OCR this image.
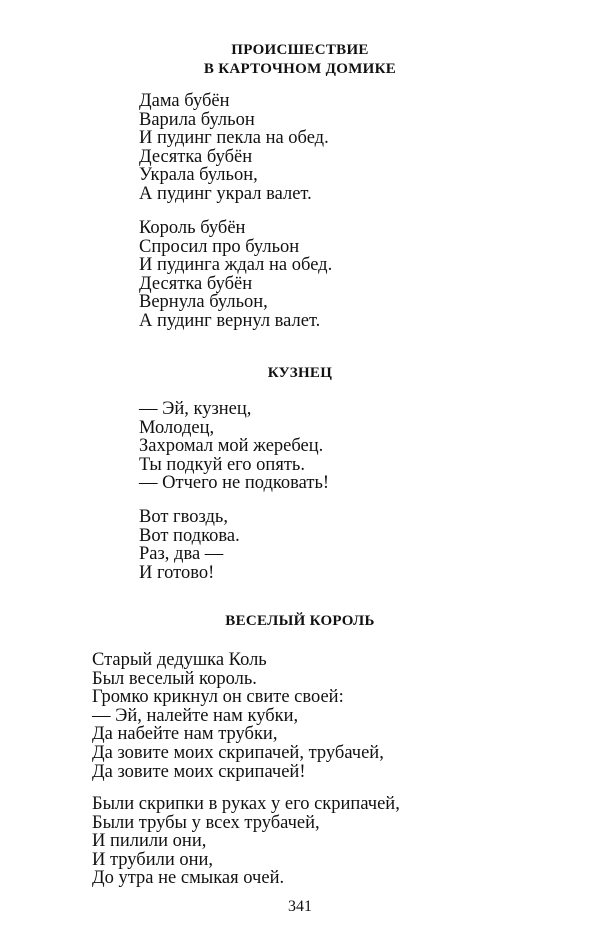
ПРОИСШЕСТВИЕ
В КАРТОЧНОМ ДОМИКЕ
Дама бубён
Варила бульон
И пудинг пекла на обед.
Десятка бубён
Украла бульон,
А пудинг украл валет.
Король бубён
Спросил про бульон
И пудинга ждал на обед.
Десятка бубён
Вернула бульон,
А пудинг вернул валет.
КУЗНЕЦ
— Эй, кузнец,
Молодец,
Захромал мой жеребец.
Ты подкуй его опять.
— Отчего не подковать!
Вот гвоздь,
Вот подкова.
Раз, два —
И готово!
ВЕСЕЛЫЙ КОРОЛЬ
Старый дедушка Коль
Был веселый король.
Громко крикнул он свите своей:
— Эй, налейте нам кубки,
Да набейте нам трубки,
Да зовите моих скрипачей, трубачей,
Да зовите моих скрипачей!
Были скрипки в руках у его скрипачей,
Были трубы у всех трубачей,
И пилили они,
И трубили они,
До утра не смыкая очей.
341
